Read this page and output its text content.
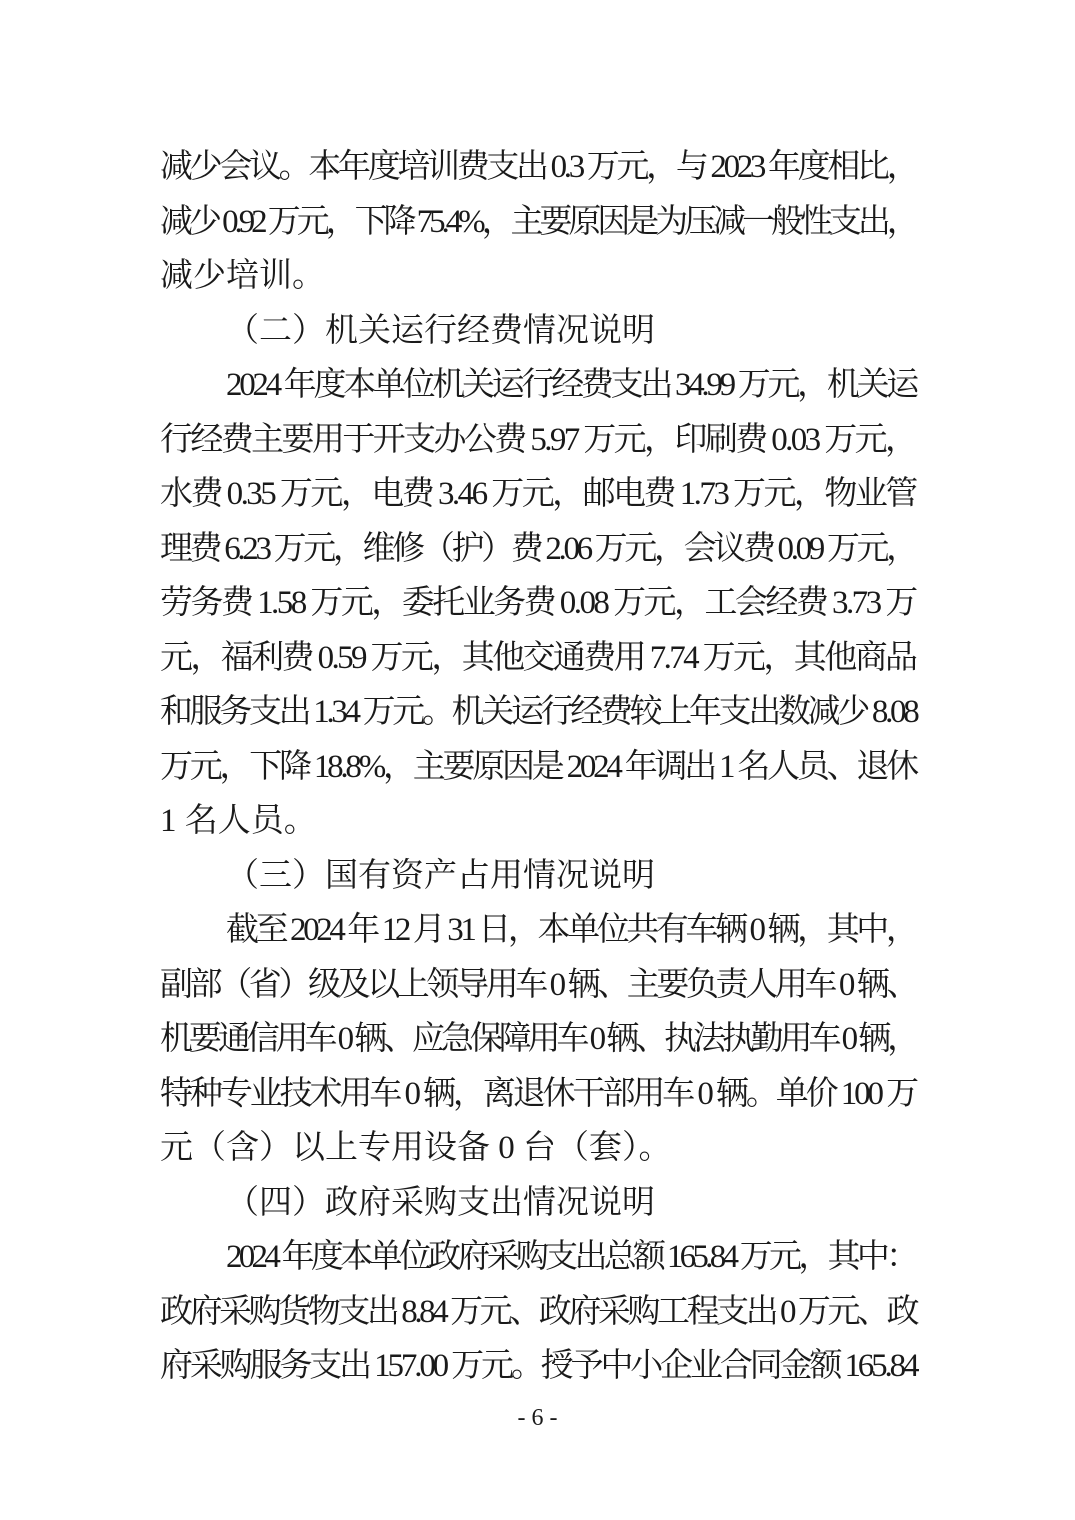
减少会议。本年度培训费支出 0.3 万元，与 2023 年度相比，
减少 0.92 万元，下降 75.4%，主要原因是为压减一般性支出，
减少培训。
（二）机关运行经费情况说明
2024 年度本单位机关运行经费支出 34.99 万元，机关运
行经费主要用于开支办公费 5.97 万元，印刷费 0.03 万元，
水费 0.35 万元，电费 3.46 万元，邮电费 1.73 万元，物业管
理费 6.23 万元，维修（护）费 2.06 万元，会议费 0.09 万元，
劳务费 1.58 万元，委托业务费 0.08 万元，工会经费 3.73 万
元，福利费 0.59 万元，其他交通费用 7.74 万元，其他商品
和服务支出 1.34 万元。机关运行经费较上年支出数减少 8.08
万元，下降 18.8%，主要原因是 2024 年调出 1 名人员、退休
1 名人员。
（三）国有资产占用情况说明
截至 2024 年 12 月 31 日，本单位共有车辆 0 辆，其中，
副部（省）级及以上领导用车 0 辆、主要负责人用车 0 辆、
机要通信用车 0 辆、应急保障用车 0 辆、执法执勤用车 0 辆，
特种专业技术用车 0 辆，离退休干部用车 0 辆。单价 100 万
元（含）以上专用设备 0 台（套）。
（四）政府采购支出情况说明
2024 年度本单位政府采购支出总额 165.84 万元，其中：
政府采购货物支出 8.84 万元、政府采购工程支出 0 万元、政
府采购服务支出 157.00 万元。授予中小企业合同金额 165.84
- 6 -
